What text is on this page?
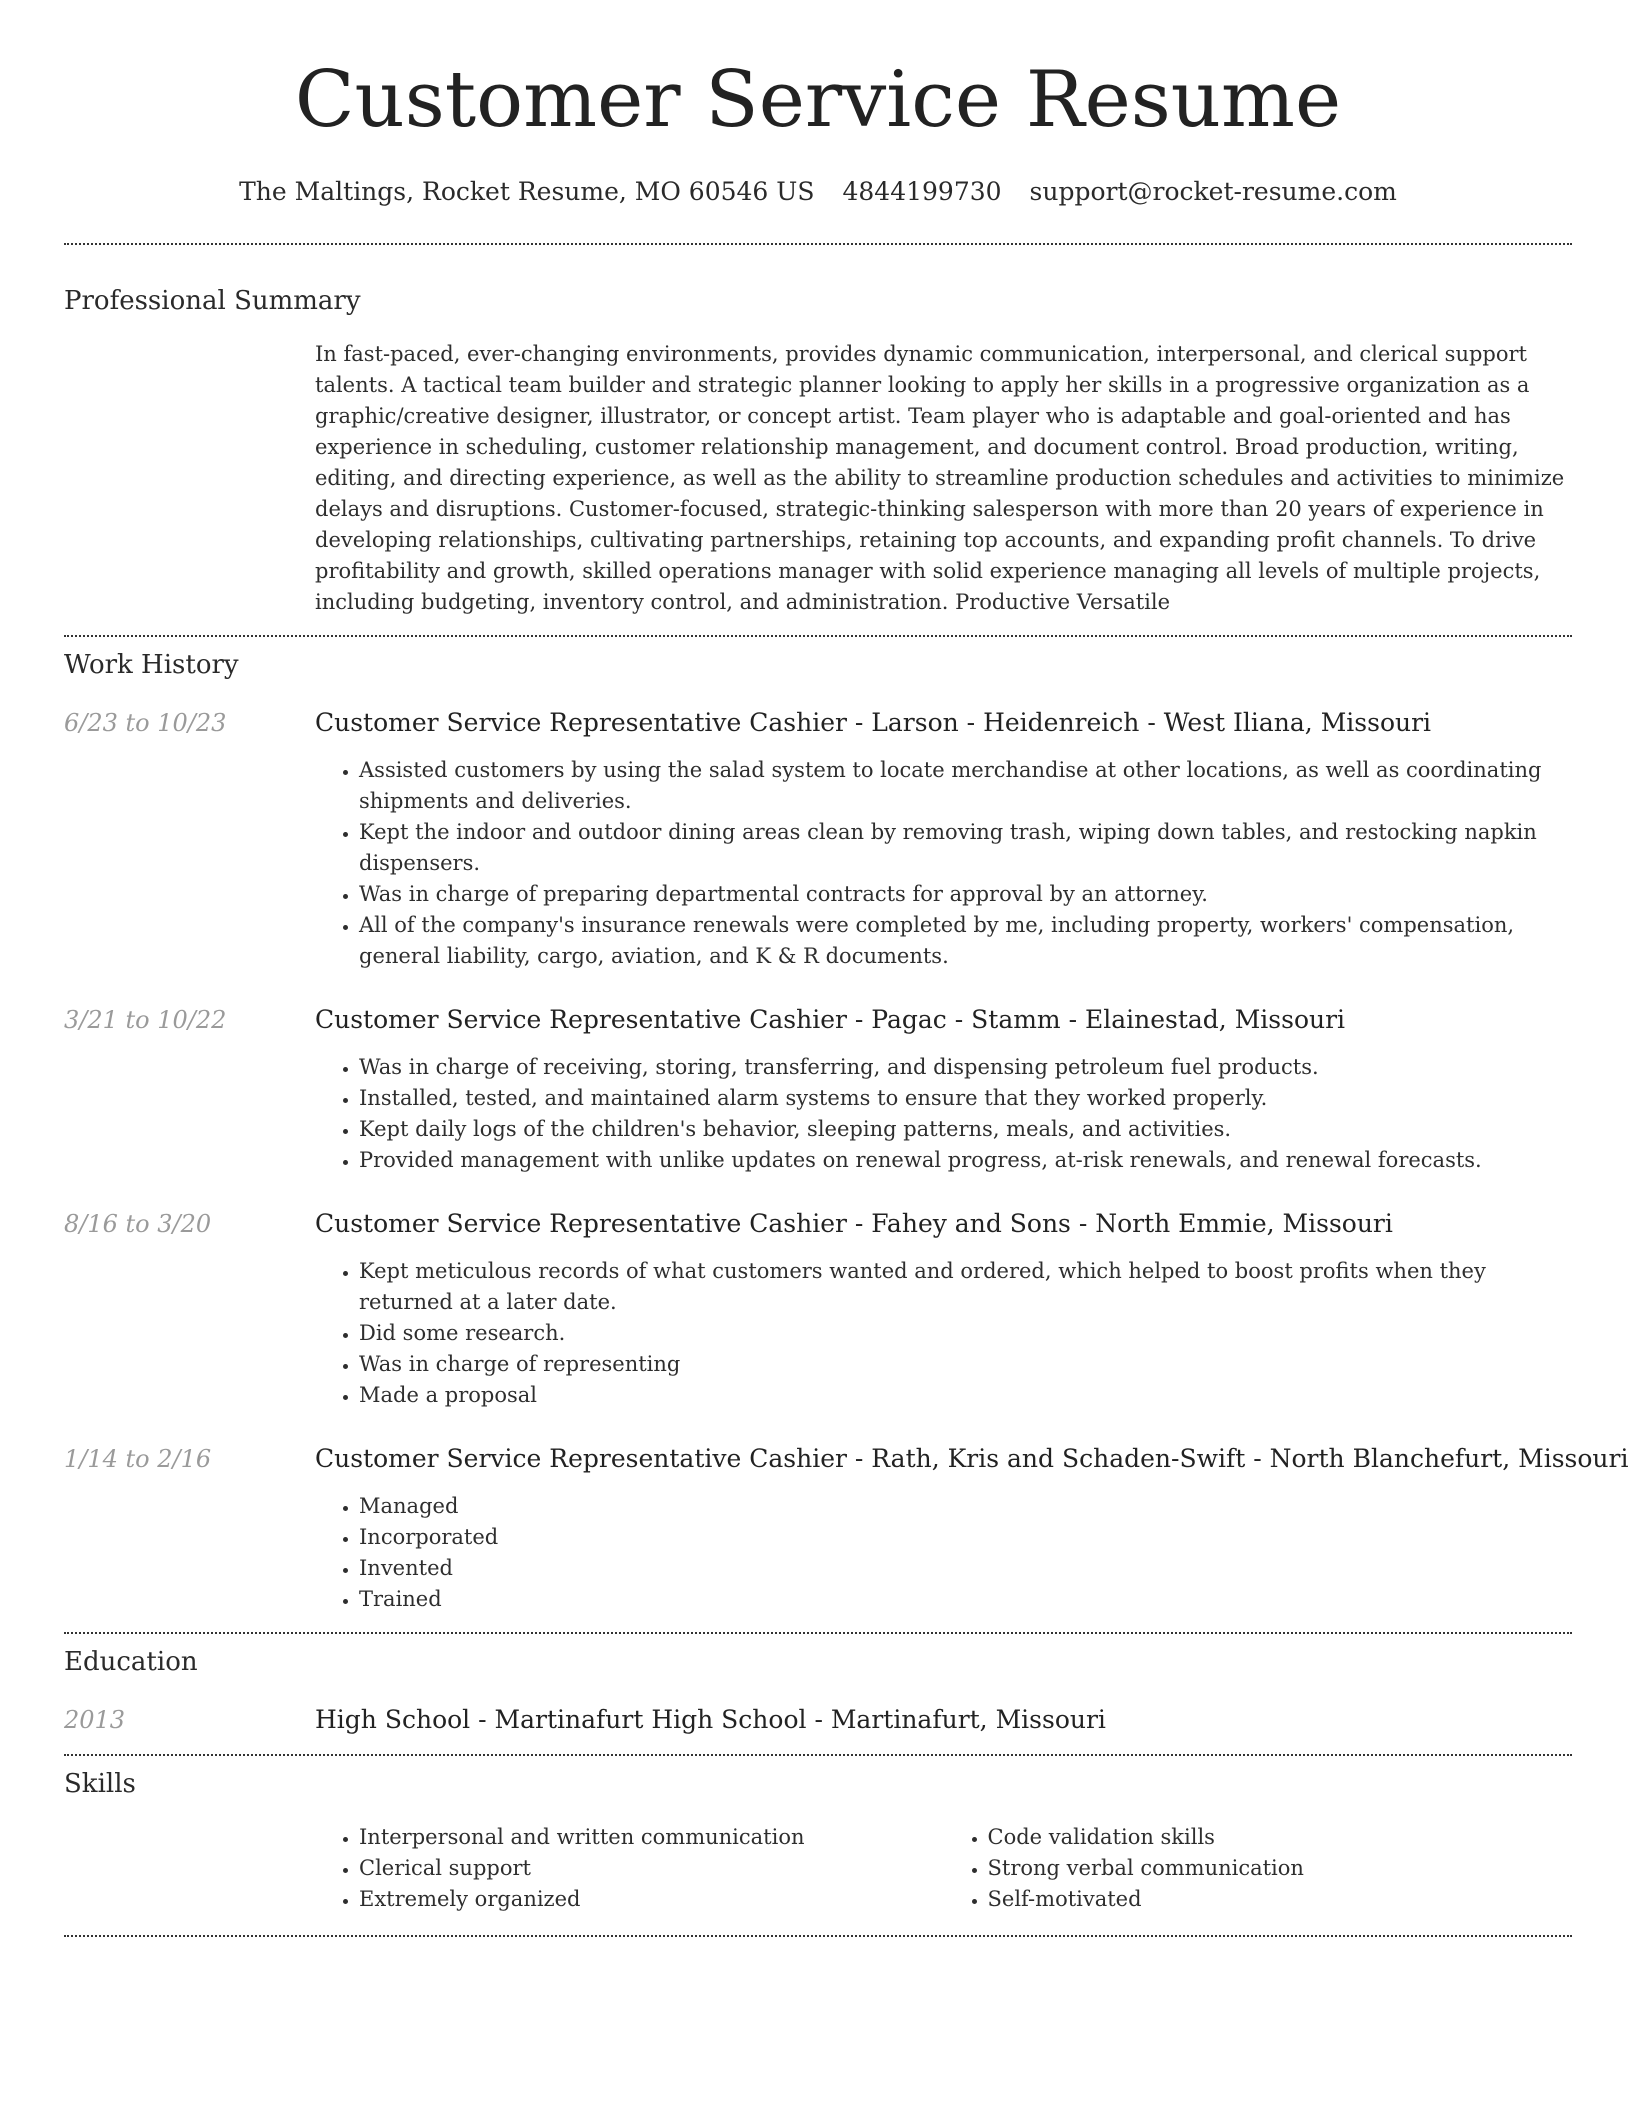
Customer Service Resume
The Maltings, Rocket Resume, MO 60546 US 4844199730 support@rocket-resume.com
Professional Summary
In fast-paced, ever-changing environments, provides dynamic communication, interpersonal, and clerical support talents. A tactical team builder and strategic planner looking to apply her skills in a progressive organization as a graphic/creative designer, illustrator, or concept artist. Team player who is adaptable and goal-oriented and has experience in scheduling, customer relationship management, and document control. Broad production, writing, editing, and directing experience, as well as the ability to streamline production schedules and activities to minimize delays and disruptions. Customer-focused, strategic-thinking salesperson with more than 20 years of experience in developing relationships, cultivating partnerships, retaining top accounts, and expanding profit channels. To drive profitability and growth, skilled operations manager with solid experience managing all levels of multiple projects, including budgeting, inventory control, and administration. Productive Versatile
Work History
6/23 to 10/23	Customer Service Representative Cashier - Larson - Heidenreich - West Iliana, Missouri
• Assisted customers by using the salad system to locate merchandise at other locations, as well as coordinating shipments and deliveries.
• Kept the indoor and outdoor dining areas clean by removing trash, wiping down tables, and restocking napkin dispensers.
• Was in charge of preparing departmental contracts for approval by an attorney.
• All of the company's insurance renewals were completed by me, including property, workers' compensation, general liability, cargo, aviation, and K & R documents.
3/21 to 10/22	Customer Service Representative Cashier - Pagac - Stamm - Elainestad, Missouri
• Was in charge of receiving, storing, transferring, and dispensing petroleum fuel products.
• Installed, tested, and maintained alarm systems to ensure that they worked properly.
• Kept daily logs of the children's behavior, sleeping patterns, meals, and activities.
• Provided management with unlike updates on renewal progress, at-risk renewals, and renewal forecasts.
8/16 to 3/20	Customer Service Representative Cashier - Fahey and Sons - North Emmie, Missouri
• Kept meticulous records of what customers wanted and ordered, which helped to boost profits when they returned at a later date.
• Did some research.
• Was in charge of representing
• Made a proposal
1/14 to 2/16	Customer Service Representative Cashier - Rath, Kris and Schaden-Swift - North Blanchefurt, Missouri
• Managed
• Incorporated
• Invented
• Trained
Education
2013	High School - Martinafurt High School - Martinafurt, Missouri
Skills
• Interpersonal and written communication
• Clerical support
• Extremely organized
• Code validation skills
• Strong verbal communication
• Self-motivated
